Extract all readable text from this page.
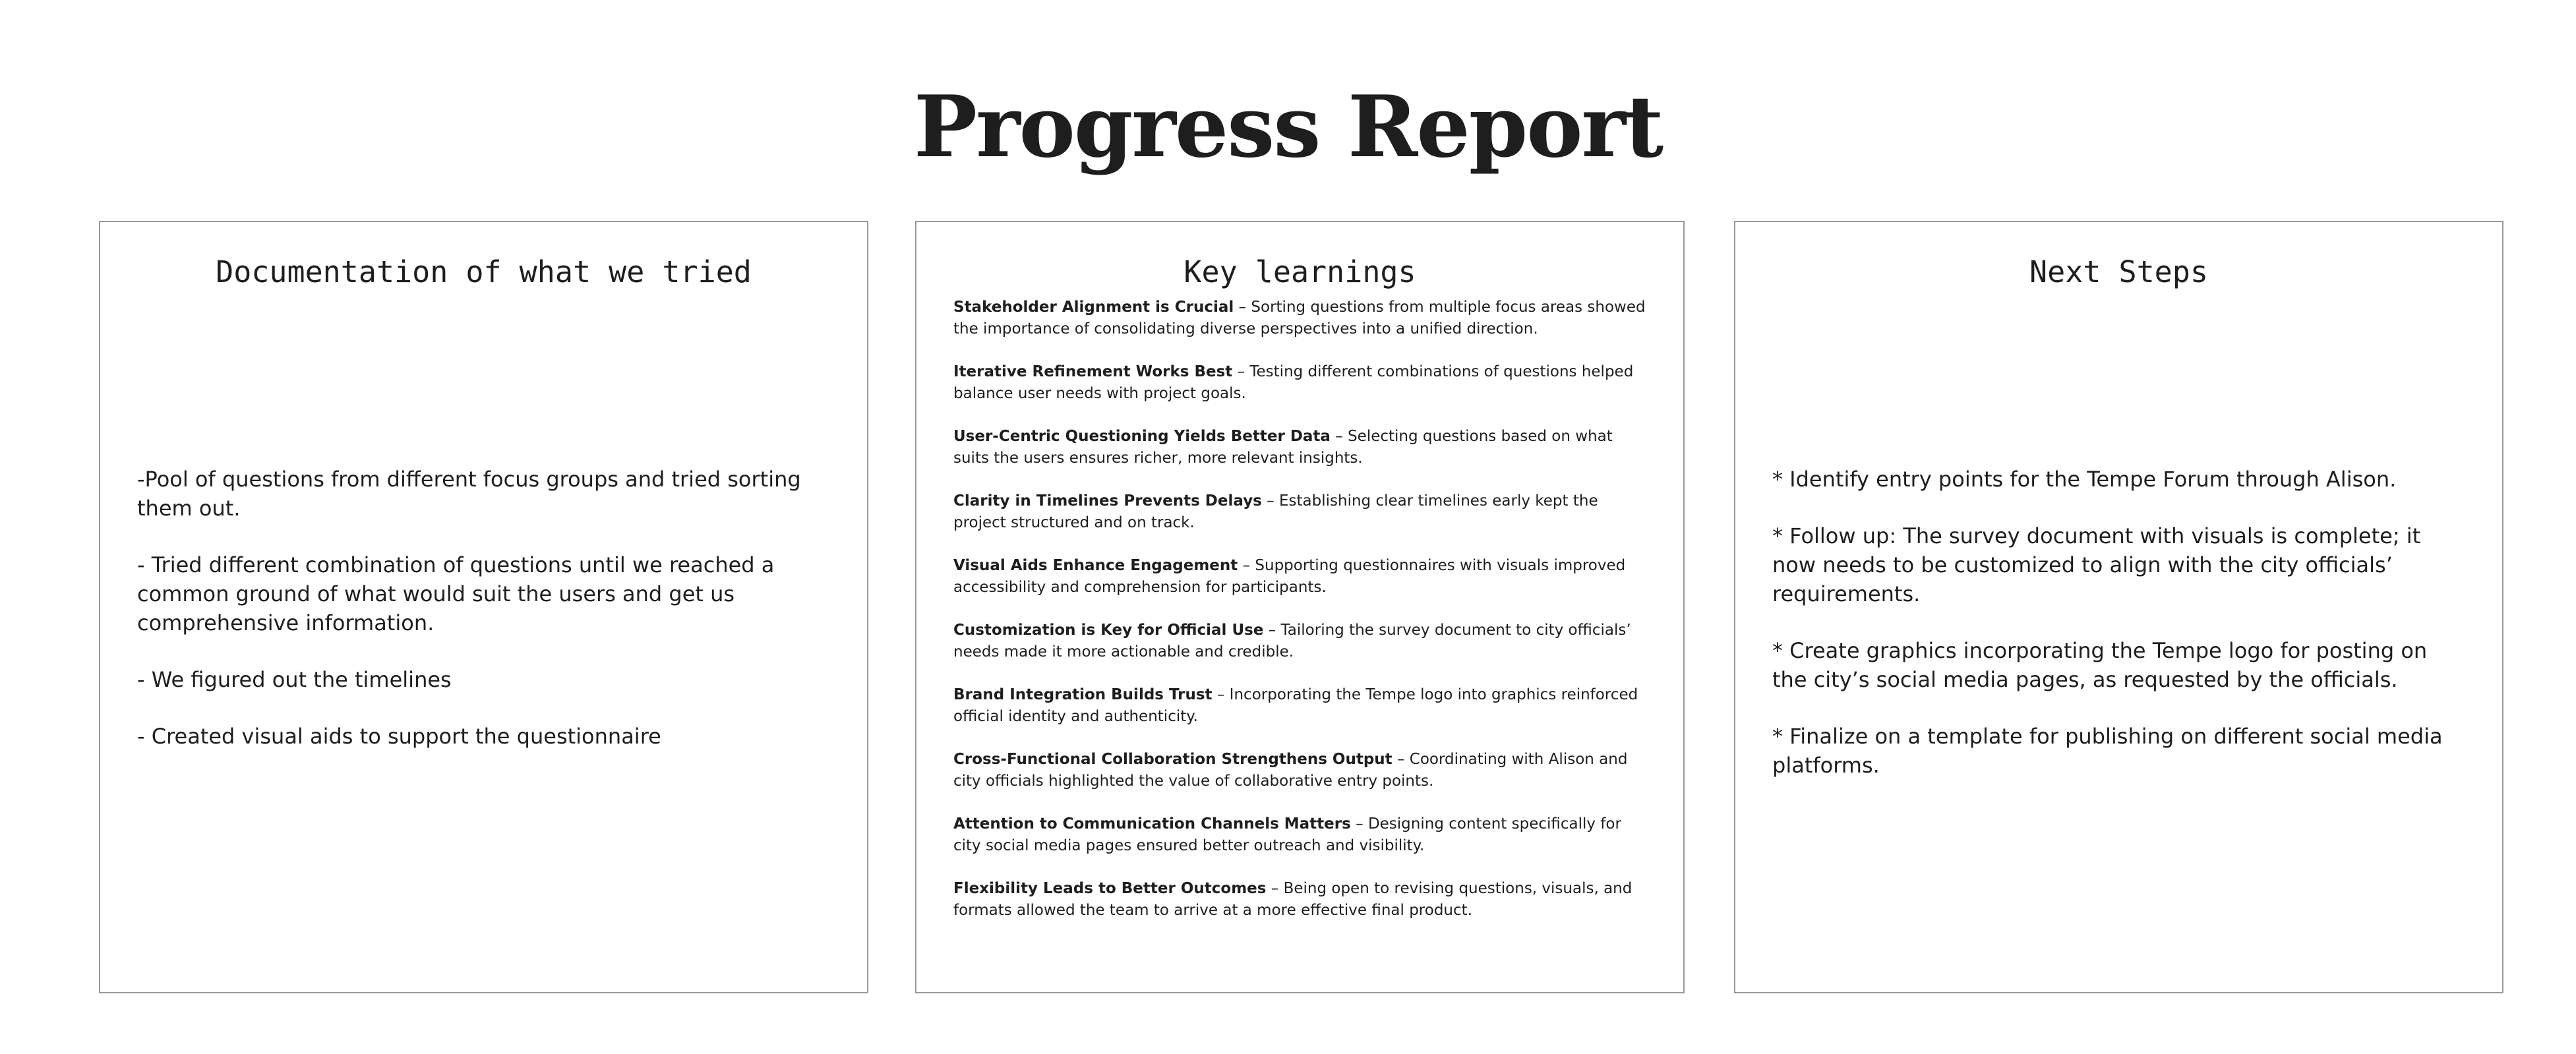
Progress Report
Documentation of what we tried
-Pool of questions from different focus groups and tried sorting them out.
- Tried different combination of questions until we reached a common ground of what would suit the users and get us comprehensive information.
- We figured out the timelines
- Created visual aids to support the questionnaire
Key learnings
Stakeholder Alignment is Crucial – Sorting questions from multiple focus areas showed the importance of consolidating diverse perspectives into a unified direction.
Iterative Refinement Works Best – Testing different combinations of questions helped balance user needs with project goals.
User-Centric Questioning Yields Better Data – Selecting questions based on what suits the users ensures richer, more relevant insights.
Clarity in Timelines Prevents Delays – Establishing clear timelines early kept the project structured and on track.
Visual Aids Enhance Engagement – Supporting questionnaires with visuals improved accessibility and comprehension for participants.
Customization is Key for Official Use – Tailoring the survey document to city officials’ needs made it more actionable and credible.
Brand Integration Builds Trust – Incorporating the Tempe logo into graphics reinforced official identity and authenticity.
Cross-Functional Collaboration Strengthens Output – Coordinating with Alison and city officials highlighted the value of collaborative entry points.
Attention to Communication Channels Matters – Designing content specifically for city social media pages ensured better outreach and visibility.
Flexibility Leads to Better Outcomes – Being open to revising questions, visuals, and formats allowed the team to arrive at a more effective final product.
Next Steps
* Identify entry points for the Tempe Forum through Alison.
* Follow up: The survey document with visuals is complete; it now needs to be customized to align with the city officials’ requirements.
* Create graphics incorporating the Tempe logo for posting on the city’s social media pages, as requested by the officials.
* Finalize on a template for publishing on different social media platforms.
